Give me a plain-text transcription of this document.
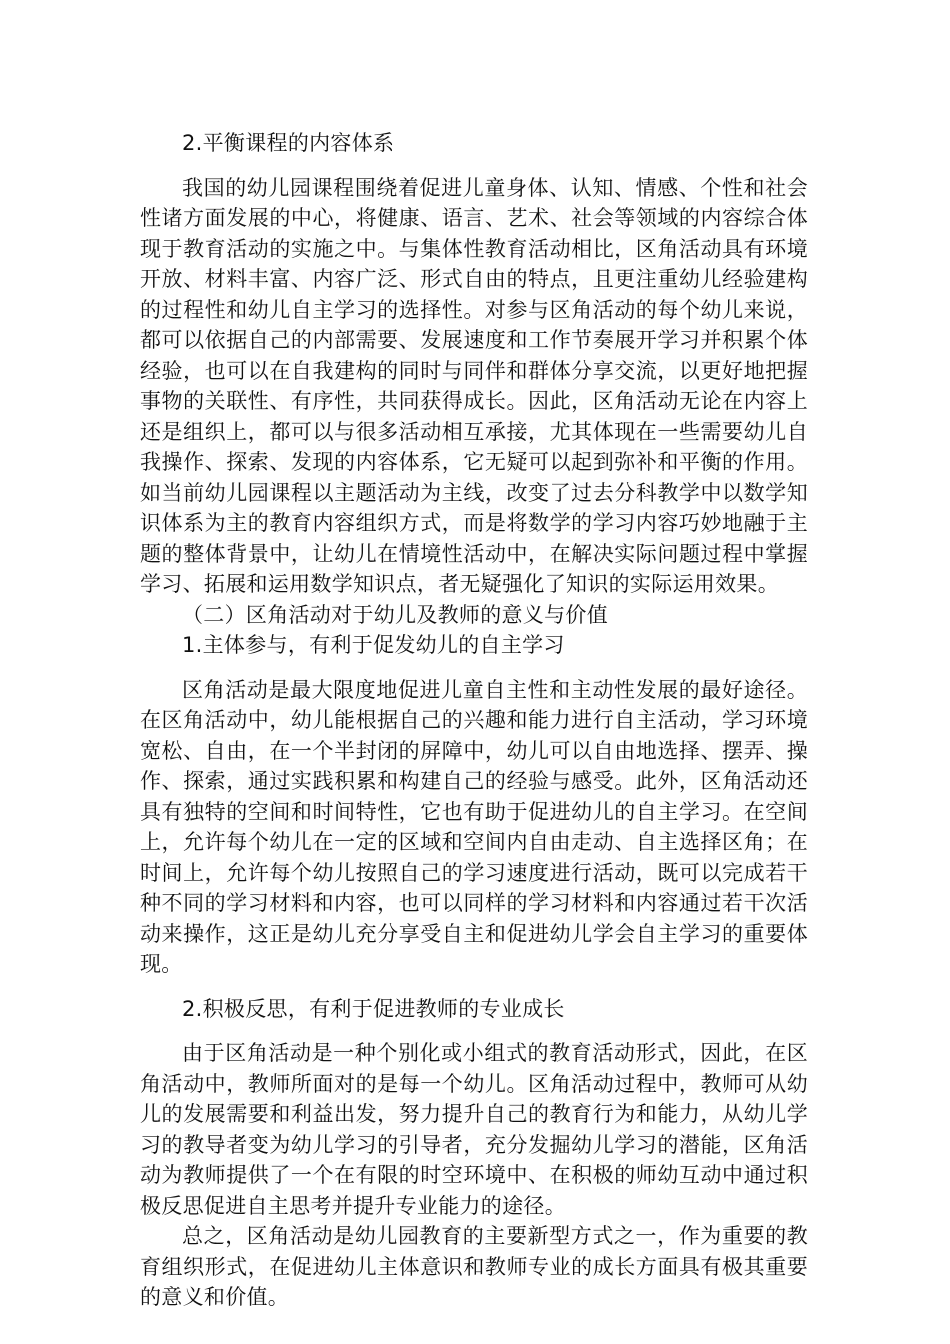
2.平衡课程的内容体系

我国的幼儿园课程围绕着促进儿童身体、认知、情感、个性和社会性诸方面发展的中心，将健康、语言、艺术、社会等领域的内容综合体现于教育活动的实施之中。与集体性教育活动相比，区角活动具有环境开放、材料丰富、内容广泛、形式自由的特点，且更注重幼儿经验建构的过程性和幼儿自主学习的选择性。对参与区角活动的每个幼儿来说，都可以依据自己的内部需要、发展速度和工作节奏展开学习并积累个体经验，也可以在自我建构的同时与同伴和群体分享交流，以更好地把握事物的关联性、有序性，共同获得成长。因此，区角活动无论在内容上还是组织上，都可以与很多活动相互承接，尤其体现在一些需要幼儿自我操作、探索、发现的内容体系，它无疑可以起到弥补和平衡的作用。如当前幼儿园课程以主题活动为主线，改变了过去分科教学中以数学知识体系为主的教育内容组织方式，而是将数学的学习内容巧妙地融于主题的整体背景中，让幼儿在情境性活动中，在解决实际问题过程中掌握学习、拓展和运用数学知识点，者无疑强化了知识的实际运用效果。

（二）区角活动对于幼儿及教师的意义与价值

1.主体参与，有利于促发幼儿的自主学习

区角活动是最大限度地促进儿童自主性和主动性发展的最好途径。在区角活动中，幼儿能根据自己的兴趣和能力进行自主活动，学习环境宽松、自由，在一个半封闭的屏障中，幼儿可以自由地选择、摆弄、操作、探索，通过实践积累和构建自己的经验与感受。此外，区角活动还具有独特的空间和时间特性，它也有助于促进幼儿的自主学习。在空间上，允许每个幼儿在一定的区域和空间内自由走动、自主选择区角；在时间上，允许每个幼儿按照自己的学习速度进行活动，既可以完成若干种不同的学习材料和内容，也可以同样的学习材料和内容通过若干次活动来操作，这正是幼儿充分享受自主和促进幼儿学会自主学习的重要体现。

2.积极反思，有利于促进教师的专业成长

由于区角活动是一种个别化或小组式的教育活动形式，因此，在区角活动中，教师所面对的是每一个幼儿。区角活动过程中，教师可从幼儿的发展需要和利益出发，努力提升自己的教育行为和能力，从幼儿学习的教导者变为幼儿学习的引导者，充分发掘幼儿学习的潜能，区角活动为教师提供了一个在有限的时空环境中、在积极的师幼互动中通过积极反思促进自主思考并提升专业能力的途径。

总之，区角活动是幼儿园教育的主要新型方式之一，作为重要的教育组织形式，在促进幼儿主体意识和教师专业的成长方面具有极其重要的意义和价值。
